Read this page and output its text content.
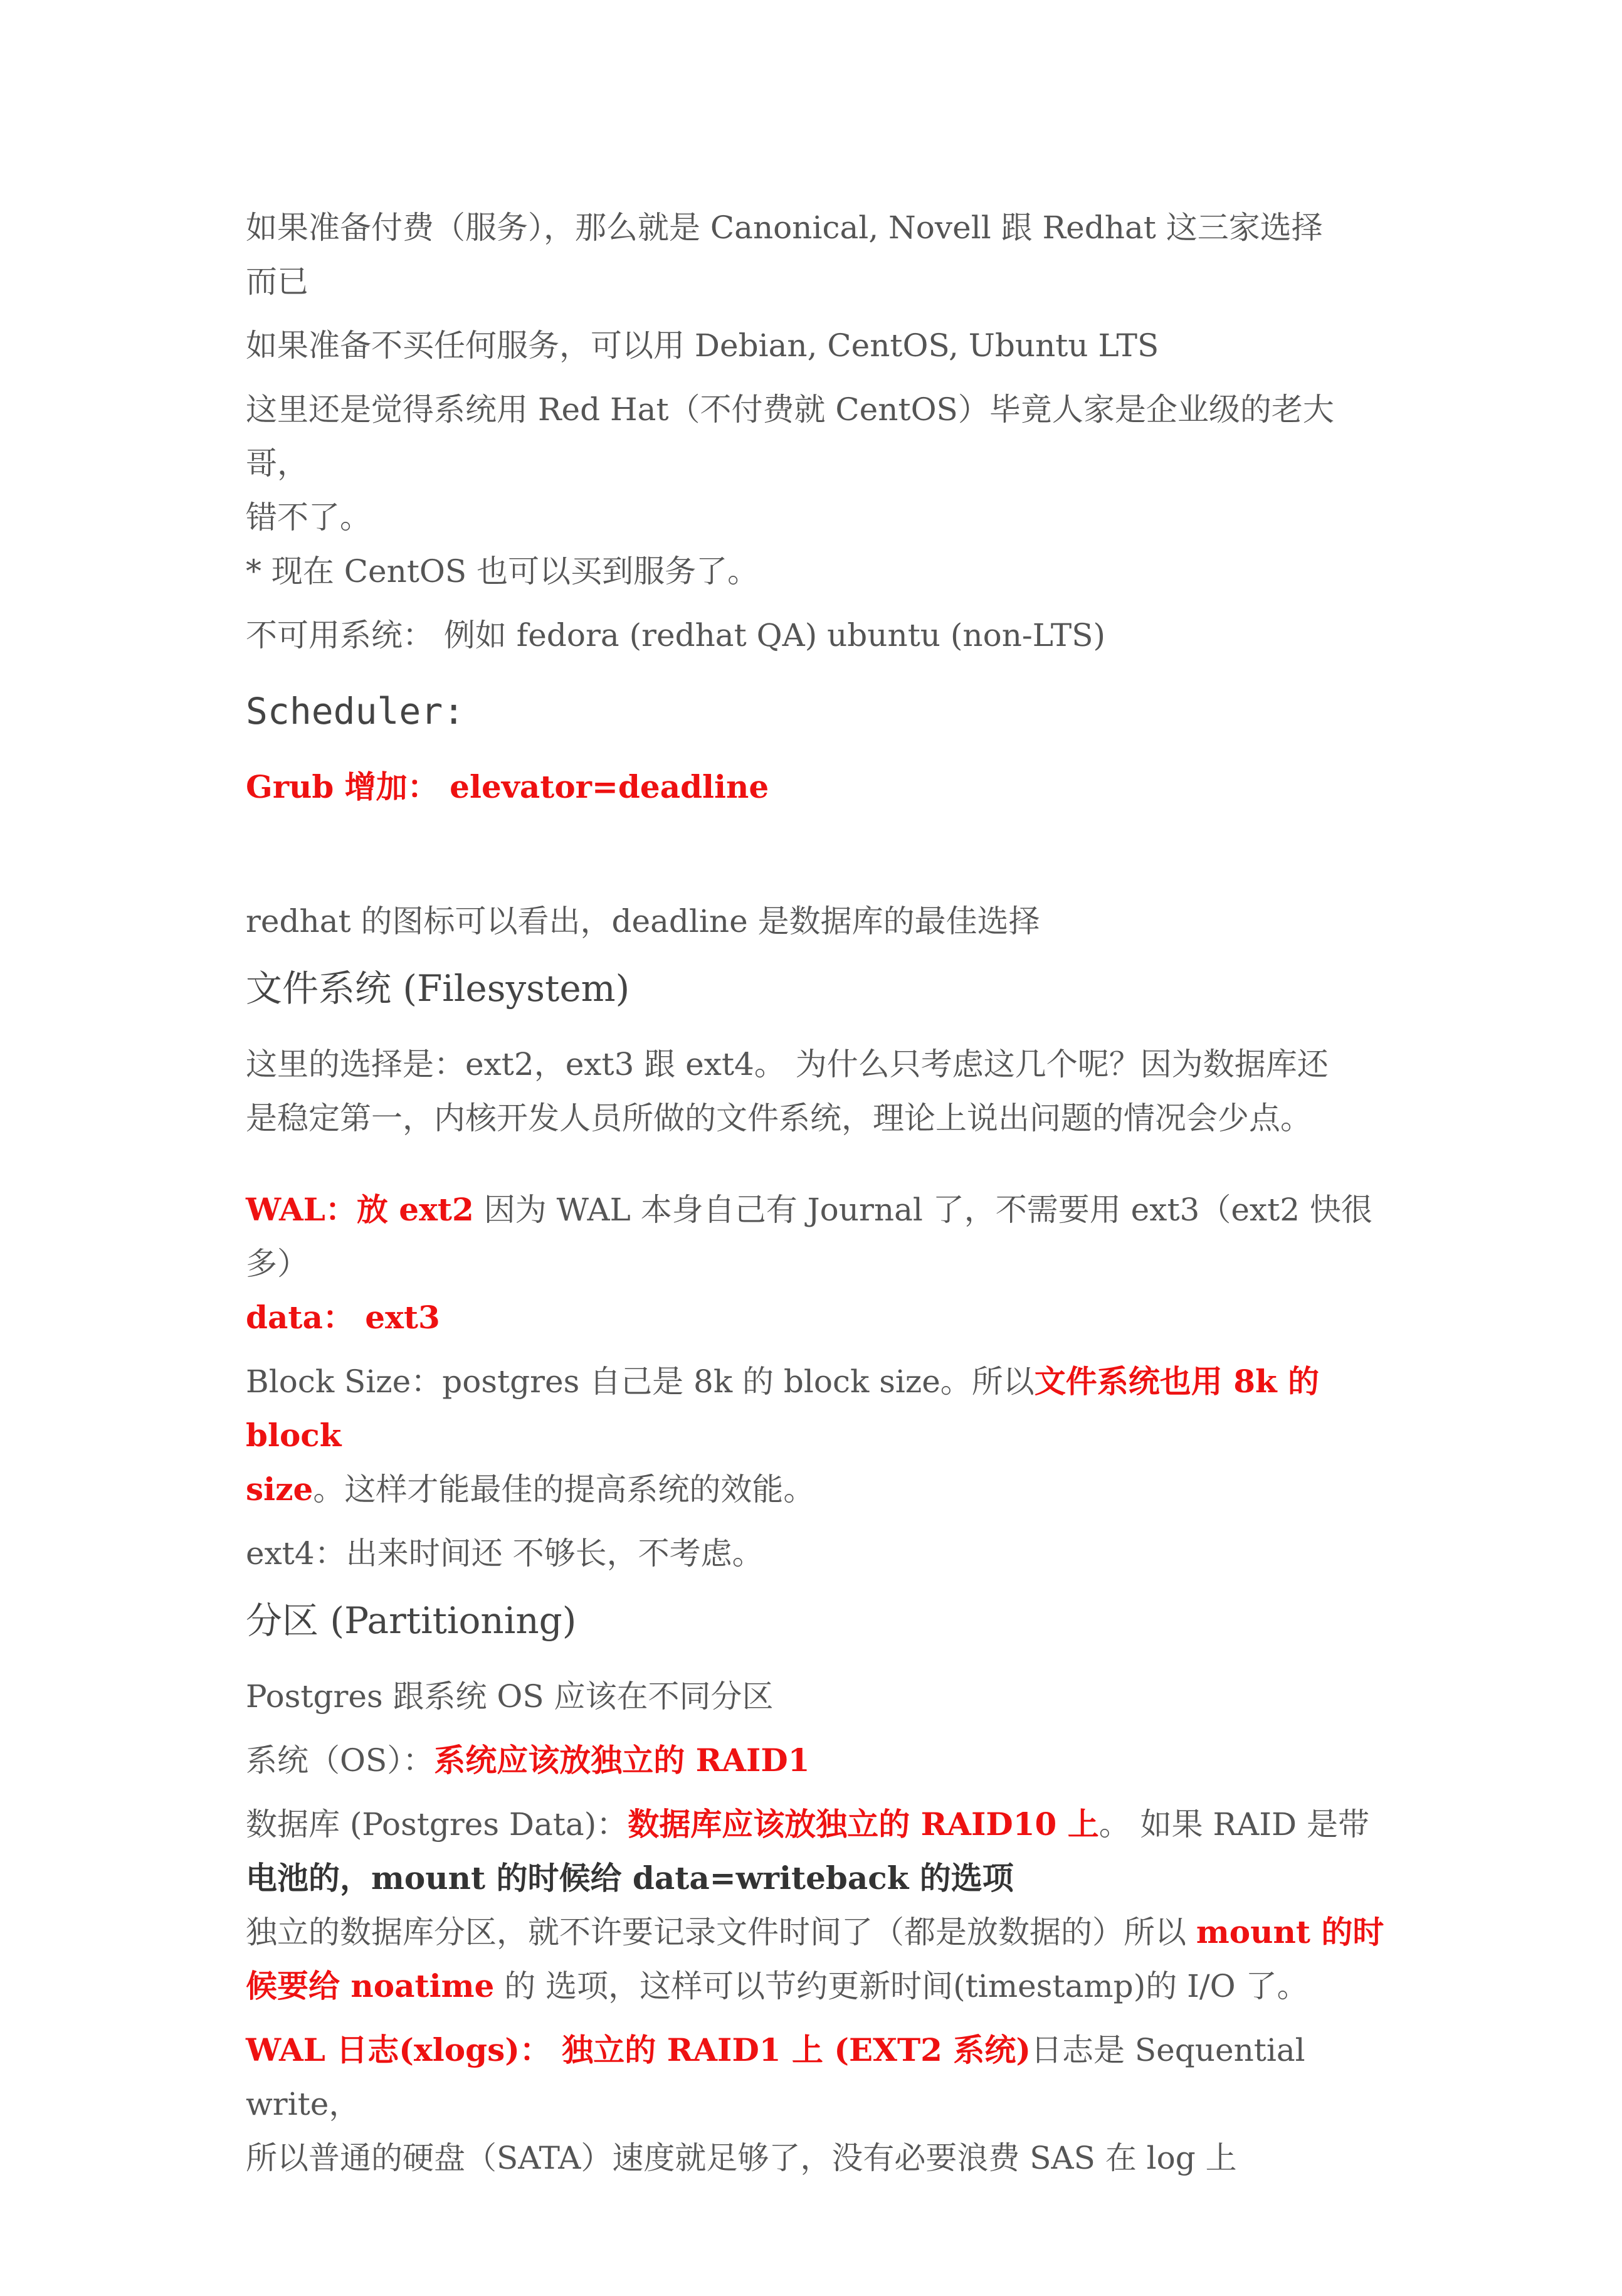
如果准备付费（服务），那么就是 Canonical, Novell 跟 Redhat 这三家选择
而已

如果准备不买任何服务，可以用 Debian, CentOS, Ubuntu LTS

这里还是觉得系统用 Red Hat（不付费就 CentOS）毕竟人家是企业级的老大哥，
错不了。

* 现在 CentOS 也可以买到服务了。

不可用系统： 例如 fedora (redhat QA) ubuntu (non-LTS)

Scheduler:

Grub 增加： elevator=deadline

redhat 的图标可以看出，deadline 是数据库的最佳选择

文件系统 (Filesystem)

这里的选择是：ext2，ext3 跟 ext4。 为什么只考虑这几个呢？因为数据库还
是稳定第一，内核开发人员所做的文件系统，理论上说出问题的情况会少点。

WAL：放 ext2 因为 WAL 本身自己有 Journal 了，不需要用 ext3（ext2 快很多）
data： ext3

Block Size：postgres 自己是 8k 的 block size。所以文件系统也用 8k 的 block
size。这样才能最佳的提高系统的效能。

ext4：出来时间还 不够长，不考虑。

分区 (Partitioning)

Postgres 跟系统 OS 应该在不同分区

系统（OS）：系统应该放独立的 RAID1

数据库 (Postgres Data)：数据库应该放独立的 RAID10 上。 如果 RAID 是带
电池的，mount 的时候给 data=writeback 的选项

独立的数据库分区，就不许要记录文件时间了（都是放数据的）所以 mount 的时
候要给 noatime 的 选项，这样可以节约更新时间(timestamp)的 I/O 了。

WAL 日志(xlogs)： 独立的 RAID1 上 (EXT2 系统)日志是 Sequential write，
所以普通的硬盘（SATA）速度就足够了，没有必要浪费 SAS 在 log 上
